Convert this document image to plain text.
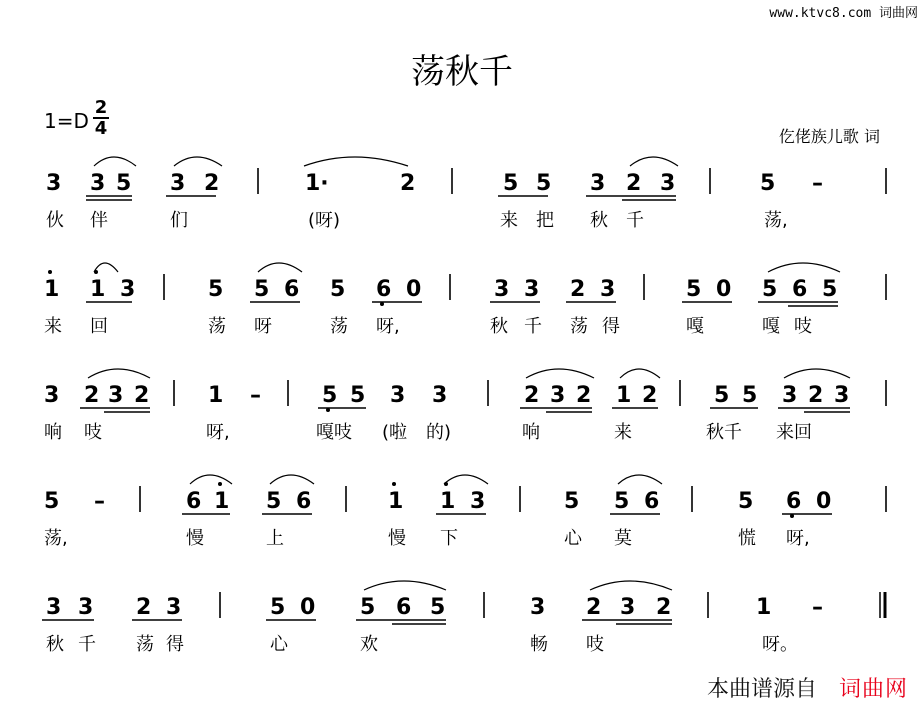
www.ktvc8.com 词曲网
荡秋千
1=D
2
4	仡佬族儿歌 词
3 3 5 3 2	1·	2	5 5 3 2 3	5 –
伙 伴	们	(呀)	来 把 秋 千	荡,
1 1 3	5 5 6 5 6 0	3 3 2 3	5 0 5 6 5
来 回	荡 呀	荡 呀,	秋 千 荡 得	嘎	嘎 吱
3 2 3 2	1 –	5 5 3 3	2 3 2 1 2	5 5 3 2 3
响 吱	呀,	嘎吱 (啦 的)	响	来	秋千 来回
5 –	6 1 5 6	1 1 3	5 5 6	5 6 0
荡,	慢	上	慢 下	心 莫	慌 呀,
3 3 2 3	5 0 5 6 5	3 2 3 2	1 –
秋 千 荡 得	心	欢	畅 吱	呀。
本曲谱源自 词曲网
